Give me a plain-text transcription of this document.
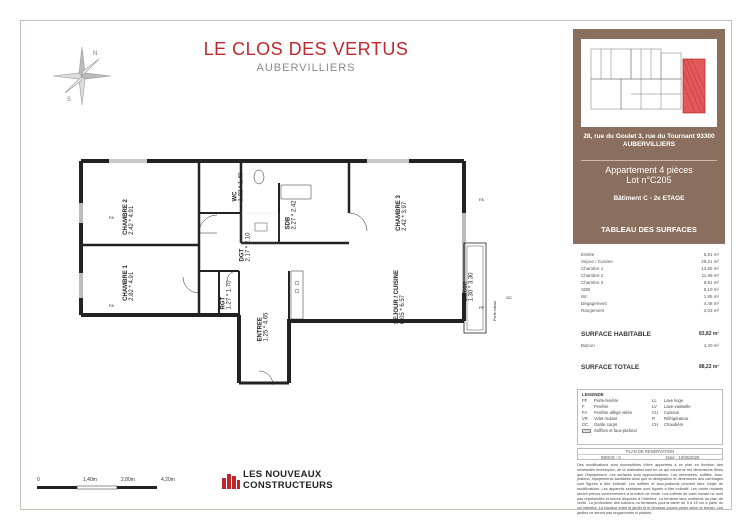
N
S
LE CLOS DES VERTUS
AUBERVILLIERS
CHAMBRE 2
2.42 * 4.91
CHAMBRE 1
2.82 * 4.91
WC
1.32 * 1.40
DGT
2.17 * 2.10
SDB
2.27 * 2.42
RGT
1.27 * 1.70
ENTREE
1.25 * 4.65
CHAMBRE 3
2.42 * 3.97
SEJOUR / CUISINE
6.05 * 6.57
Balcon
1.30 * 3.30
FA
FA
FA
PF
GC
Porte-rideau
0	1,40m	2,80m	4,20m	LES NOUVEAUX
CONSTRUCTEURS
28, rue du Goulet 3, rue du Tournant 93300 AUBERVILLIERS
Appartement 4 pièces
Lot n°C205
Bâtiment C - 2e ETAGE
TABLEAU DES SURFACES
Entrée	5,81 m²
Séjour / Cuisine	29,21 m²
Chambre 1	13,85 m²
Chambre 2	11,88 m²
Chambre 3	9,61 m²
SDB	5,10 m²
Wc	1,85 m²
Dégagement	4,48 m²
Rangement	2,03 m²
SURFACE HABITABLE	83,82 m²
Balcon	4,40 m²
SURFACE TOTALE	88,22 m²
LEGENDE
PF Porte-fenêtre
F Fenêtre
FA Fenêtre allège vitrée
VR Volet roulant
GC Garde corps
LL Lave linge
LV Lave-vaisselle
CU Cuisson
R Réfrigérateur
CH Chaudière
Soffites et faux-plafond
PLAN DE RESERVATION
INDICE : 0	Date : 10/06/2025
Des modifications sont susceptibles d'être apportées à ce plan en fonction des nécessités techniques, de la réalisation tant en ce qui concerne les dimensions libres que l'équipement. Les surfaces sont approximatives. Les retombées, soffites, faux-plafond, équipements sanitaires ainsi que la désignation et dimensions des carrelages sont figurés à titre indicatif. Les soffites et faux-plafonds peuvent faire l'objet de modifications. Les appareils sanitaires sont figurés à titre indicatif. Les volets roulants seront prévus conformément à la notice de vente. Les coffrets de volet roulant ne sont pas représentés et seront disposés à l'intérieur. La terrasse sera conforme au plan de vente. La profondeur des balcons ou terrasses pourra varier de 5 à 15 cm à partir du sol intérieur. La hauteur entre le jardin et le terrasse pourra varier selon le terrain. Les jardins ne seront pas engazonnés ni plantés.
